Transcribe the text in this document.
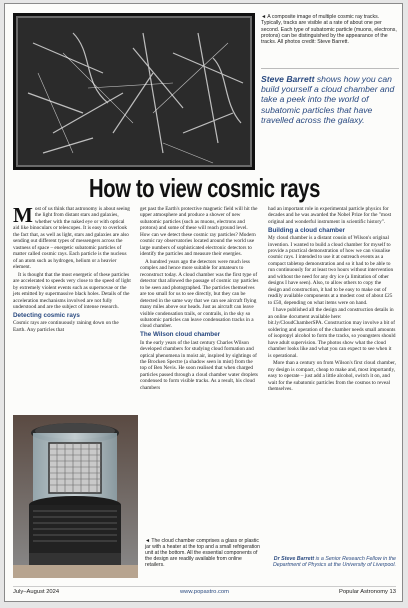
◄ A composite image of multiple cosmic ray tracks. Typically, tracks are visible at a rate of about one per second. Each type of subatomic particle (muons, electrons, protons) can be distinguished by the appearance of the tracks. All photos credit: Steve Barrett.
Steve Barrett shows how you can build yourself a cloud chamber and take a peek into the world of subatomic particles that have travelled across the galaxy.
How to view cosmic rays

Most of us think that astronomy is about seeing the light from distant stars and galaxies, whether with the naked eye or with optical aid like binoculars or telescopes. It is easy to overlook the fact that, as well as light, stars and galaxies are also sending out different types of messengers across the vastness of space – energetic subatomic particles of matter called cosmic rays. Each particle is the nucleus of an atom such as hydrogen, helium or a heavier element.

It is thought that the most energetic of these particles are accelerated to speeds very close to the speed of light by extremely violent events such as supernovae or the jets emitted by supermassive black holes. Details of the acceleration mechanisms involved are not fully understood and are the subject of intense research.

Detecting cosmic rays

Cosmic rays are continuously raining down on the Earth. Any particles that

get past the Earth's protective magnetic field will hit the upper atmosphere and produce a shower of new subatomic particles (such as muons, electrons and protons) and some of these will reach ground level. How can we detect these cosmic ray particles? Modern cosmic ray observatories located around the world use large numbers of sophisticated electronic detectors to identify the particles and measure their energies.

A hundred years ago the detectors were much less complex and hence more suitable for amateurs to reconstruct today. A cloud chamber was the first type of detector that allowed the passage of cosmic ray particles to be seen and photographed. The particles themselves are too small for us to see directly, but they can be detected in the same way that we can see aircraft flying many miles above our heads. Just as aircraft can leave visible condensation trails, or contrails, in the sky so subatomic particles can leave condensation tracks in a cloud chamber.

The Wilson cloud chamber

In the early years of the last century Charles Wilson developed chambers for studying cloud formation and optical phenomena in moist air, inspired by sightings of the Brocken Spectre (a shadow seen in mist) from the top of Ben Nevis. He soon realised that when charged particles passed through a cloud chamber water droplets condensed to form visible tracks. As a result, his cloud chambers

◄ The cloud chamber comprises a glass or plastic jar with a heater at the top and a small refrigeration unit at the bottom. All the essential components of the design are readily available from online retailers.

had an important role in experimental particle physics for decades and he was awarded the Nobel Prize for the "most original and wonderful instrument in scientific history".

Building a cloud chamber

My cloud chamber is a distant cousin of Wilson's original invention. I wanted to build a cloud chamber for myself to provide a practical demonstration of how we can visualise cosmic rays. I intended to use it at outreach events as a compact tabletop demonstration and so it had to be able to run continuously for at least two hours without intervention and without the need for any dry ice (a limitation of other designs I have seen). Also, to allow others to copy the design and construction, it had to be easy to make out of readily available components at a modest cost of about £25 to £50, depending on what items were on hand.

I have published all the design and construction details in an online document available here: bit.ly/CloudChamberSPA. Construction may involve a bit of soldering and operation of the chamber needs small amounts of isopropyl alcohol to form the tracks, so youngsters should have adult supervision. The photos show what the cloud chamber looks like and what you can expect to see when it is operational.

More than a century on from Wilson's first cloud chamber, my design is compact, cheap to make and, most importantly, easy to operate – just add a little alcohol, switch it on, and wait for the subatomic particles from the cosmos to reveal themselves.

Dr Steve Barrett is a Senior Research Fellow in the Department of Physics at the University of Liverpool.
July–August 2024	www.popastro.com	Popular Astronomy 13
